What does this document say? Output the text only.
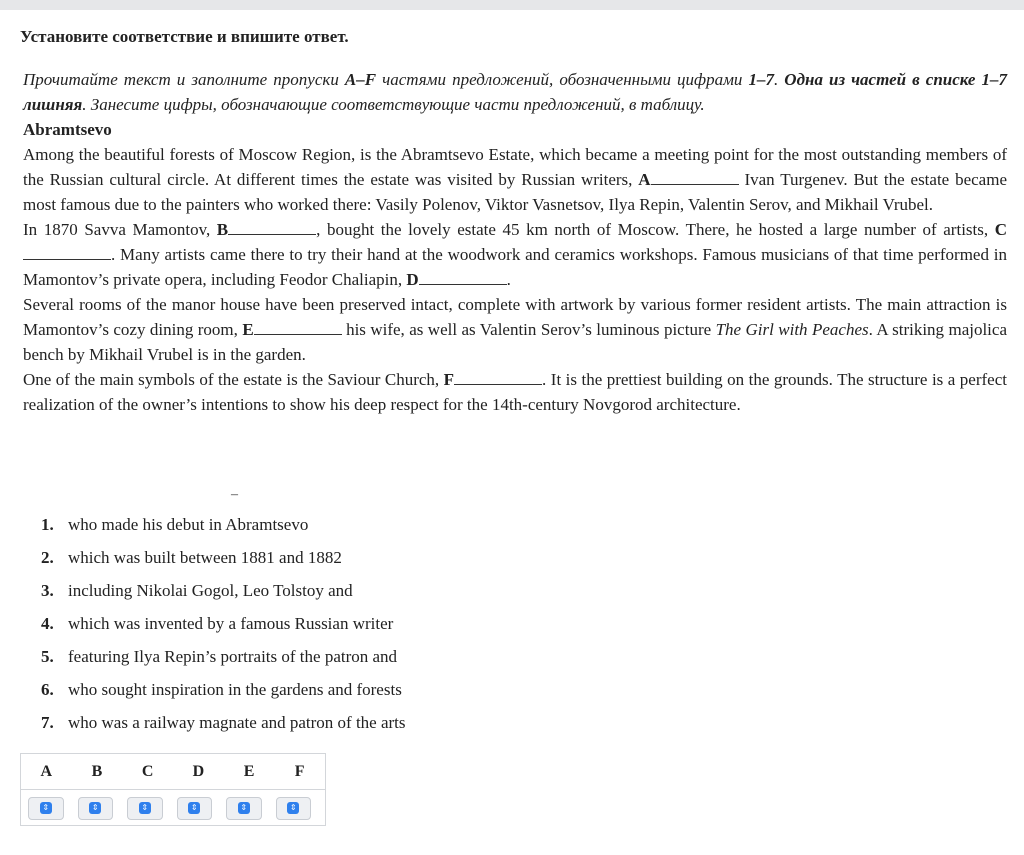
Установите соответствие и впишите ответ.
Прочитайте текст и заполните пропуски A–F частями предложений, обозначенными цифрами 1–7. Одна из частей в списке 1–7 лишняя. Занесите цифры, обозначающие соответствующие части предложений, в таблицу.
Abramtsevo
Among the beautiful forests of Moscow Region, is the Abramtsevo Estate, which became a meeting point for the most outstanding members of the Russian cultural circle. At different times the estate was visited by Russian writers, A	Ivan Turgenev. But the estate became most famous due to the painters who worked there: Vasily Polenov, Viktor Vasnetsov, Ilya Repin, Valentin Serov, and Mikhail Vrubel.
In 1870 Savva Mamontov, B	, bought the lovely estate 45 km north of Moscow. There, he hosted a large number of artists, C. Many artists came there to try their hand at the woodwork and ceramics workshops. Famous musicians of that time performed in Mamontov’s private opera, including Feodor Chaliapin, D	.
Several rooms of the manor house have been preserved intact, complete with artwork by various former resident artists. The main attraction is Mamontov’s cozy dining room, E	his wife, as well as Valentin Serov’s luminous picture The Girl with Peaches. A striking majolica bench by Mikhail Vrubel is in the garden.
One of the main symbols of the estate is the Saviour Church, F	. It is the prettiest building on the grounds. The structure is a perfect realization of the owner’s intentions to show his deep respect for the 14th-century Novgorod architecture.
–
1. who made his debut in Abramtsevo
2. which was built between 1881 and 1882
3. including Nikolai Gogol, Leo Tolstoy and
4. which was invented by a famous Russian writer
5. featuring Ilya Repin’s portraits of the patron and
6. who sought inspiration in the gardens and forests
7. who was a railway magnate and patron of the arts
A	B	C	D	E	F
⇕	⇕	⇕	⇕	⇕	⇕
